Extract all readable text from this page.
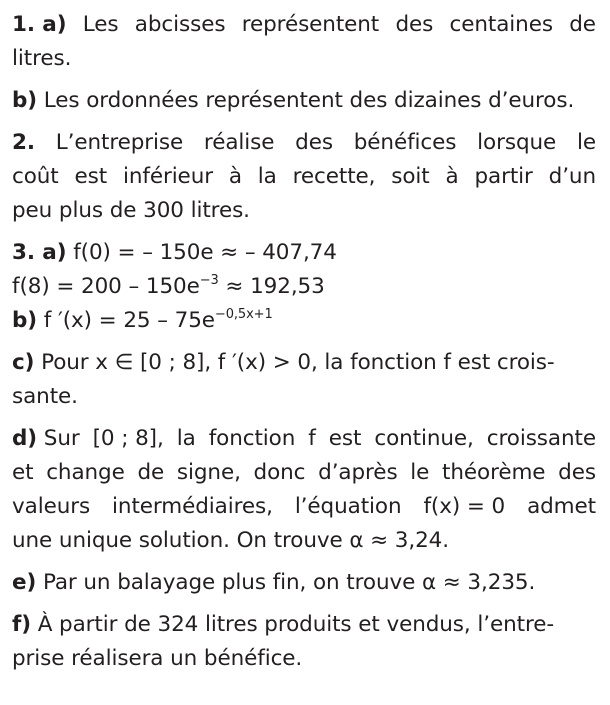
1. a) Les abcisses représentent des centaines de
litres.
b) Les ordonnées représentent des dizaines d’euros.
2. L’entreprise réalise des bénéfices lorsque le
coût est inférieur à la recette, soit à partir d’un
peu plus de 300 litres.
3. a) f(0) = – 150e ≈ – 407,74
$f(8) = 200 - 150e^{-3} \approx 192,53$
b) f $'(x) = 25 - 75e^{-0,5x+1}$
c) Pour x ∈ [0 ; 8], f ′(x) > 0, la fonction f est crois-
sante.
d) Sur [0 ; 8], la fonction f est continue, croissante
et change de signe, donc d’après le théorème des
valeurs intermédiaires, l’équation f(x) = 0 admet
une unique solution. On trouve α ≈ 3,24.
e) Par un balayage plus fin, on trouve α ≈ 3,235.
f) À partir de 324 litres produits et vendus, l’entre-
prise réalisera un bénéfice.
